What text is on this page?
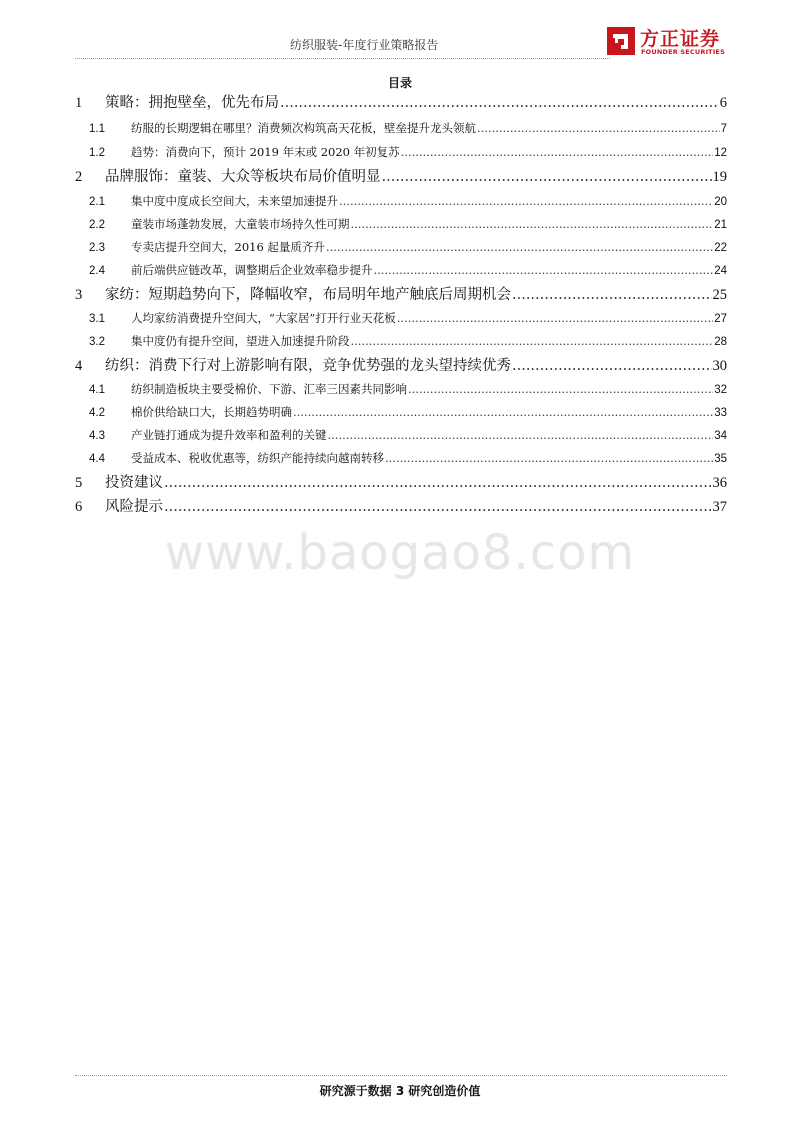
纺织服装-年度行业策略报告	方正证券
FOUNDER SECURITIES
目录
1	策略：拥抱壁垒，优先布局 .....	6
1.1	纺服的长期逻辑在哪里？消费频次构筑高天花板，壁垒提升龙头领航 .....	7
1.2	趋势：消费向下，预计 2019 年末或 2020 年初复苏 .....	12
2	品牌服饰：童装、大众等板块布局价值明显 .....	19
2.1	集中度中度成长空间大，未来望加速提升 .....	20
2.2	童装市场蓬勃发展，大童装市场持久性可期 .....	21
2.3	专卖店提升空间大，2016 起量质齐升 .....	22
2.4	前后端供应链改革，调整期后企业效率稳步提升 .....	24
3	家纺：短期趋势向下，降幅收窄，布局明年地产触底后周期机会 .....	25
3.1	人均家纺消费提升空间大，“大家居”打开行业天花板 .....	27
3.2	集中度仍有提升空间，望进入加速提升阶段 .....	28
4	纺织：消费下行对上游影响有限，竞争优势强的龙头望持续优秀 .....	30
4.1	纺织制造板块主要受棉价、下游、汇率三因素共同影响 .....	32
4.2	棉价供给缺口大，长期趋势明确 .....	33
4.3	产业链打通成为提升效率和盈利的关键 .....	34
4.4	受益成本、税收优惠等，纺织产能持续向越南转移 .....	35
5	投资建议 .....	36
6	风险提示 .....	37
www.baogao8.com
研究源于数据 3 研究创造价值
